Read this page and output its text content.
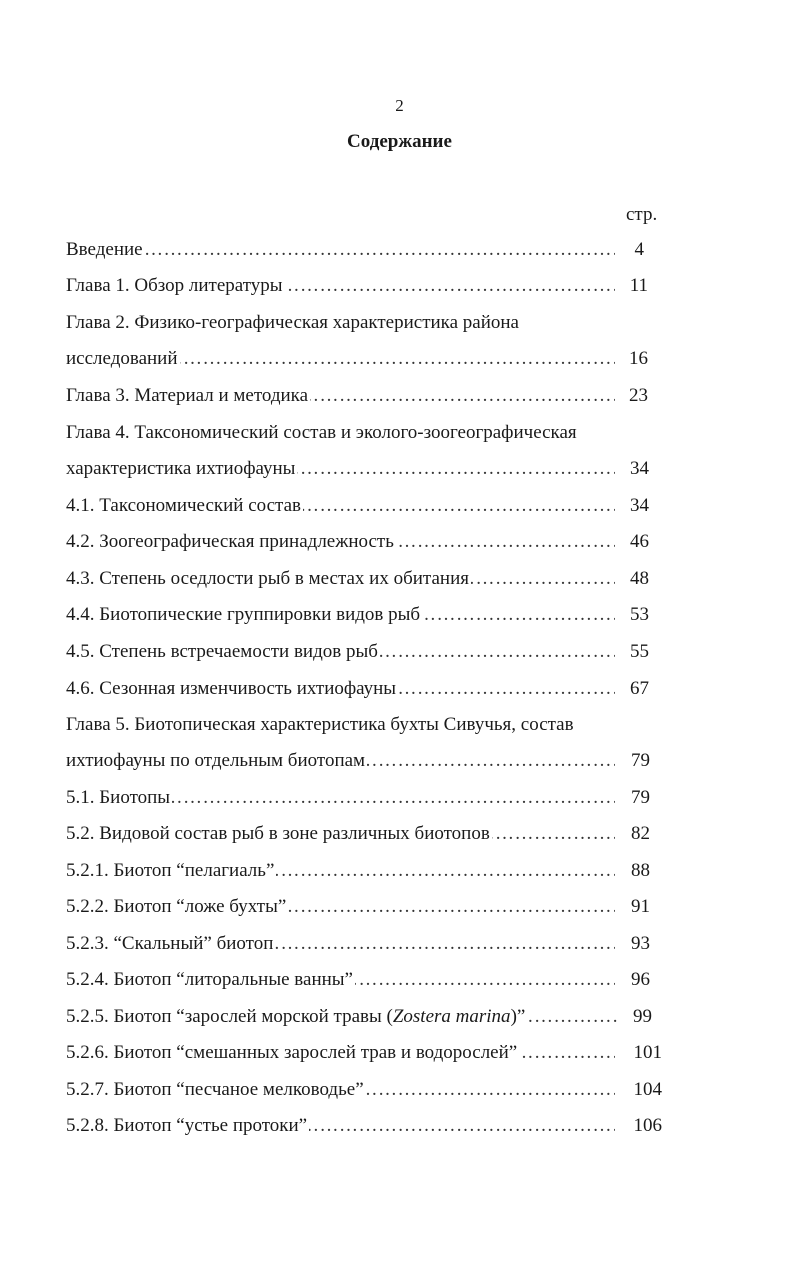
2
Содержание
стр.
Введение …………………………………………………………………………………………………………………………………………………………	4
Глава 1. Обзор литературы …………………………………………………………………………………………………………………………………………………………	11
Глава 2. Физико-географическая характеристика района
исследований …………………………………………………………………………………………………………………………………………………………	16
Глава 3. Материал и методика …………………………………………………………………………………………………………………………………………………………	23
Глава 4. Таксономический состав и эколого-зоогеографическая
характеристика ихтиофауны …………………………………………………………………………………………………………………………………………………………	34
4.1. Таксономический состав …………………………………………………………………………………………………………………………………………………………	34
4.2. Зоогеографическая принадлежность …………………………………………………………………………………………………………………………………………………………	46
4.3. Степень оседлости рыб в местах их обитания …………………………………………………………………………………………………………………………………………………………	48
4.4. Биотопические группировки видов рыб …………………………………………………………………………………………………………………………………………………………	53
4.5. Степень встречаемости видов рыб …………………………………………………………………………………………………………………………………………………………	55
4.6. Сезонная изменчивость ихтиофауны …………………………………………………………………………………………………………………………………………………………	67
Глава 5. Биотопическая характеристика бухты Сивучья, состав
ихтиофауны по отдельным биотопам …………………………………………………………………………………………………………………………………………………………	79
5.1. Биотопы …………………………………………………………………………………………………………………………………………………………	79
5.2. Видовой состав рыб в зоне различных биотопов …………………………………………………………………………………………………………………………………………………………	82
5.2.1. Биотоп “пелагиаль” …………………………………………………………………………………………………………………………………………………………	88
5.2.2. Биотоп “ложе бухты” …………………………………………………………………………………………………………………………………………………………	91
5.2.3. “Скальный” биотоп …………………………………………………………………………………………………………………………………………………………	93
5.2.4. Биотоп “литоральные ванны” …………………………………………………………………………………………………………………………………………………………	96
5.2.5. Биотоп “зарослей морской травы (Zostera marina)” …………………………………………………………………………………………………………………………………………………………	99
5.2.6. Биотоп “смешанных зарослей трав и водорослей” …………………………………………………………………………………………………………………………………………………………	101
5.2.7. Биотоп “песчаное мелководье” …………………………………………………………………………………………………………………………………………………………	104
5.2.8. Биотоп “устье протоки” …………………………………………………………………………………………………………………………………………………………	106
